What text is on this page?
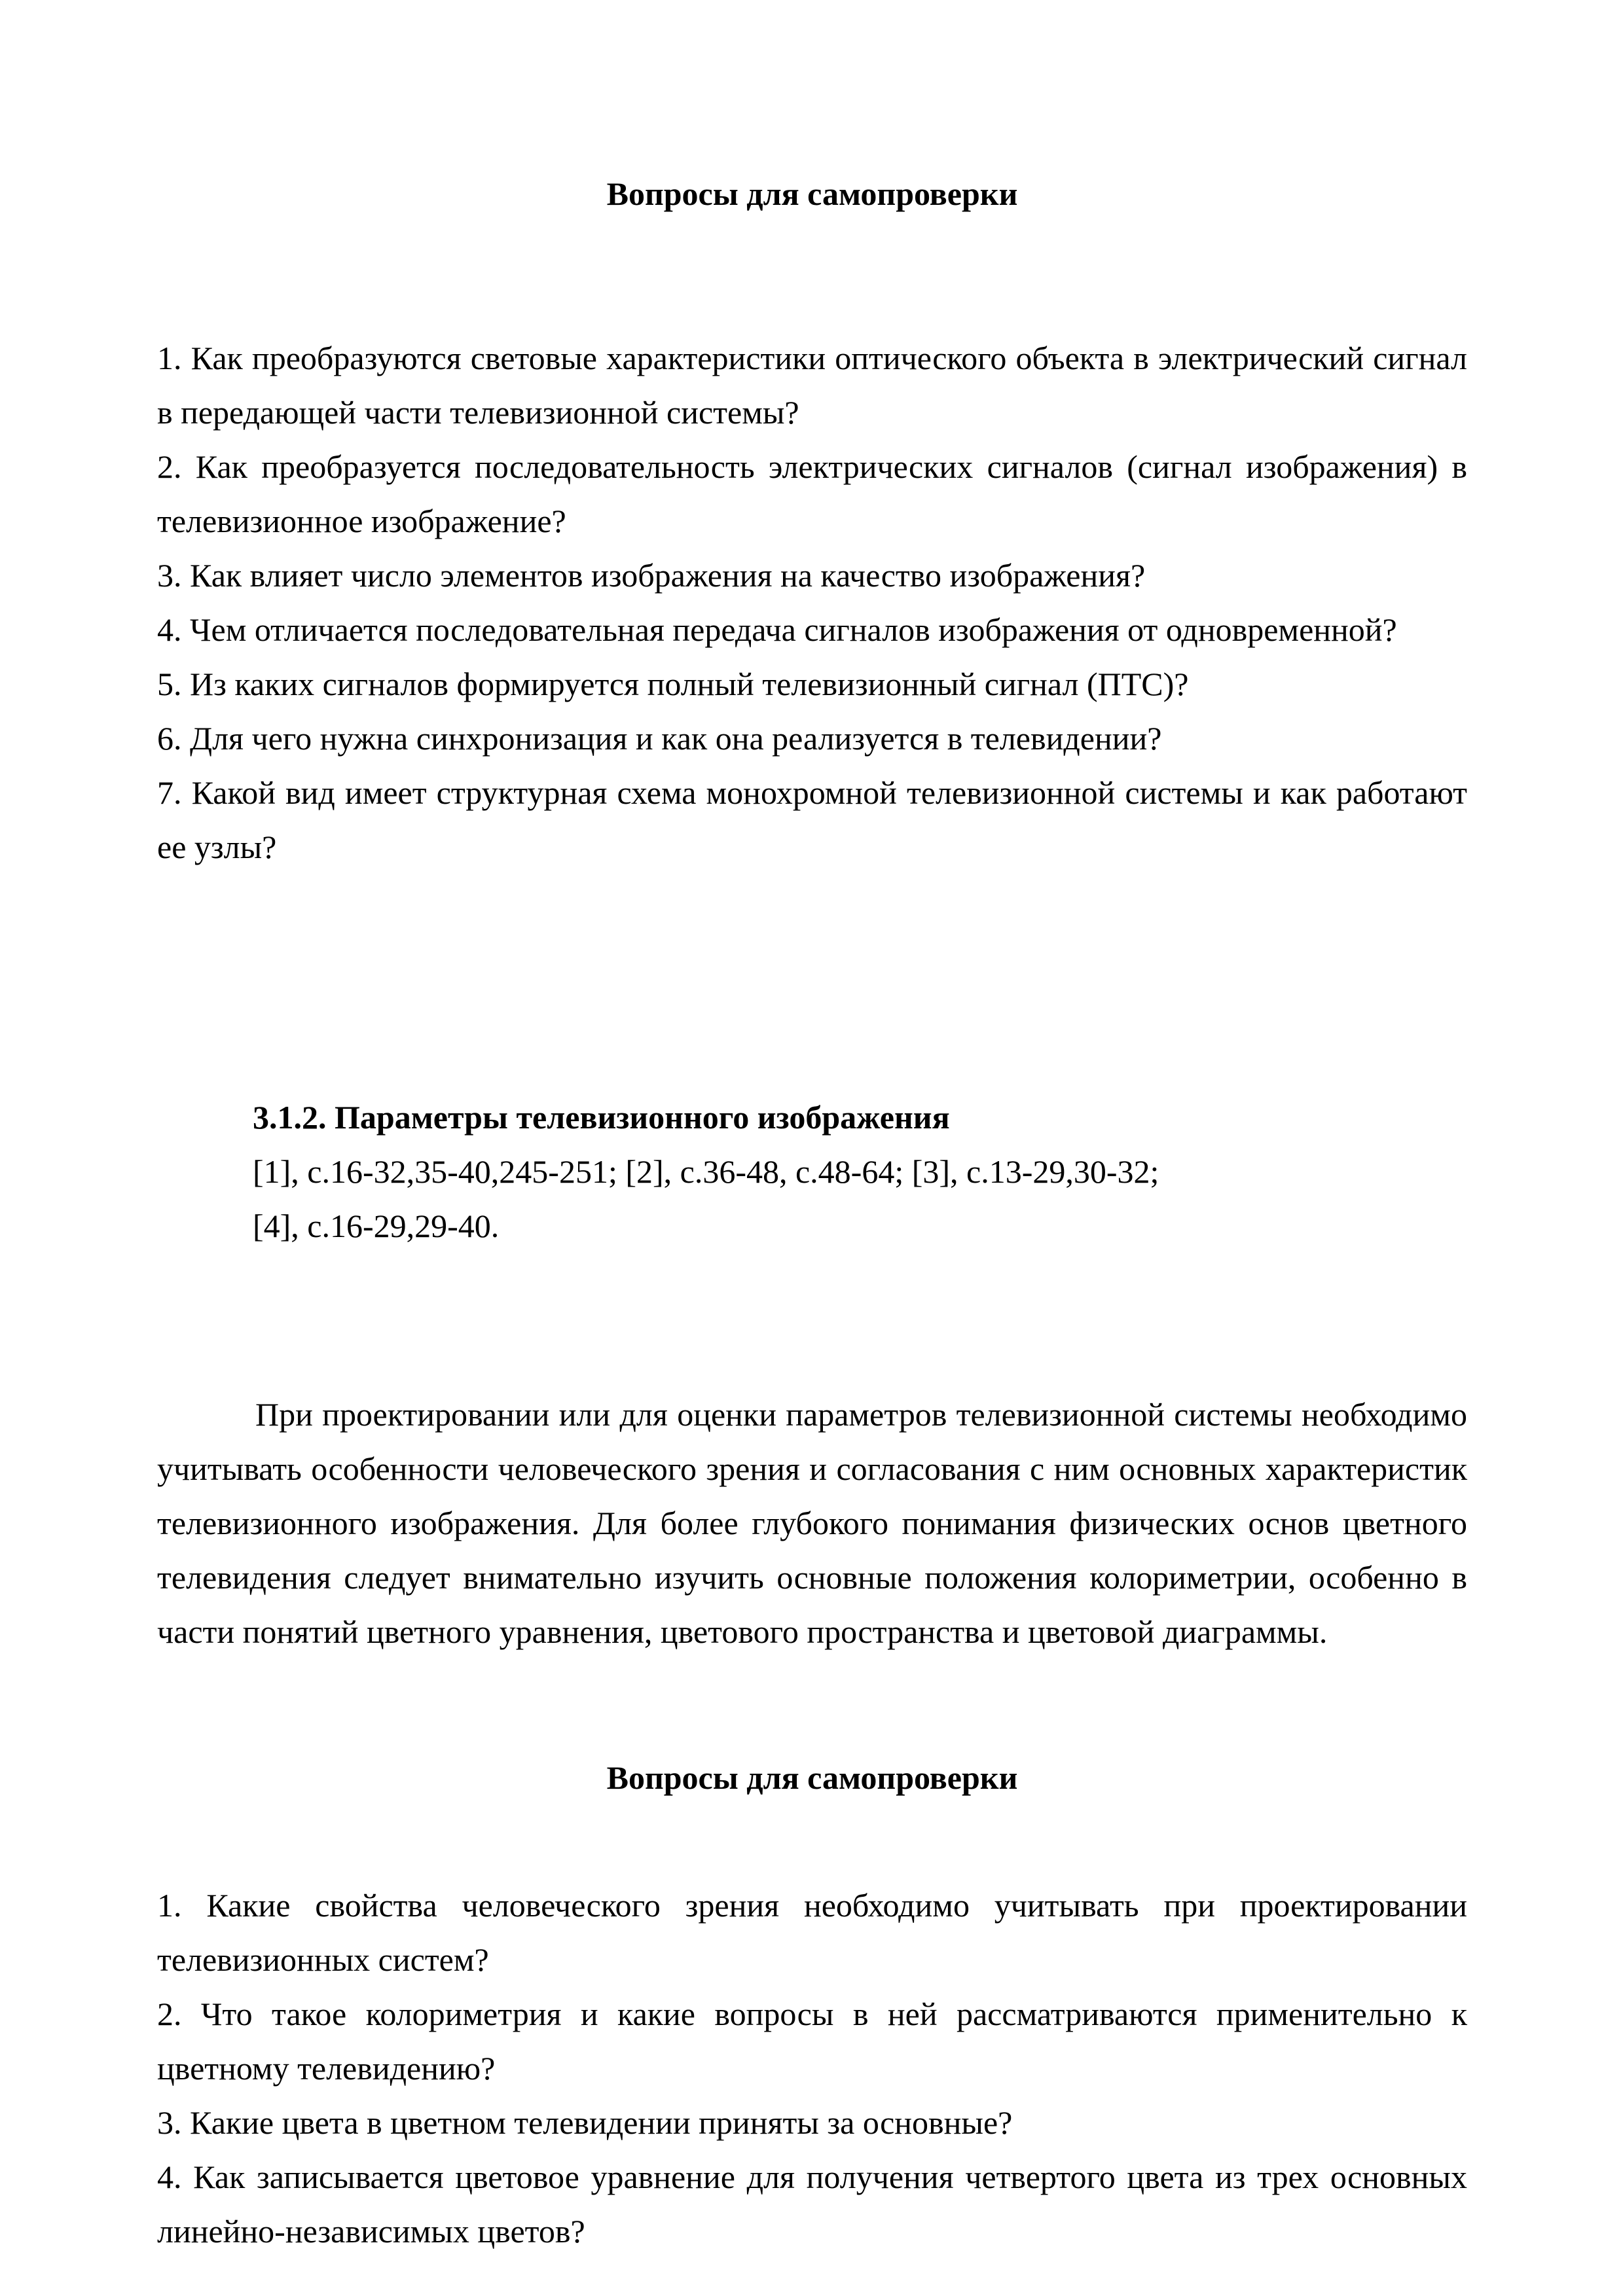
Вопросы для самопроверки

1. Как преобразуются световые характеристики оптического объекта в электрический сигнал в передающей части телевизионной системы?

2. Как преобразуется последовательность электрических сигналов (сигнал изображения) в телевизионное изображение?

3. Как влияет число элементов изображения на качество изображения?

4. Чем отличается последовательная передача сигналов изображения от одновременной?

5. Из каких сигналов формируется полный телевизионный сигнал (ПТС)?

6. Для чего нужна синхронизация и как она реализуется в телевидении?

7. Какой вид имеет структурная схема монохромной телевизионной системы и как работают ее узлы?

3.1.2. Параметры телевизионного изображения
[1], с.16-32,35-40,245-251; [2], с.36-48, с.48-64; [3], с.13-29,30-32;
[4], с.16-29,29-40.

При проектировании или для оценки параметров телевизионной системы необходимо учитывать особенности человеческого зрения и согласования с ним основных характеристик телевизионного изображения. Для более глубокого понимания физических основ цветного телевидения следует внимательно изучить основные положения колориметрии, особенно в части понятий цветного уравнения, цветового пространства и цветовой диаграммы.

Вопросы для самопроверки

1. Какие свойства человеческого зрения необходимо учитывать при проектировании телевизионных систем?

2. Что такое колориметрия и какие вопросы в ней рассматриваются применительно к цветному телевидению?

3. Какие цвета в цветном телевидении приняты за основные?

4. Как записывается цветовое уравнение для получения четвертого цвета из трех основных линейно-независимых цветов?
